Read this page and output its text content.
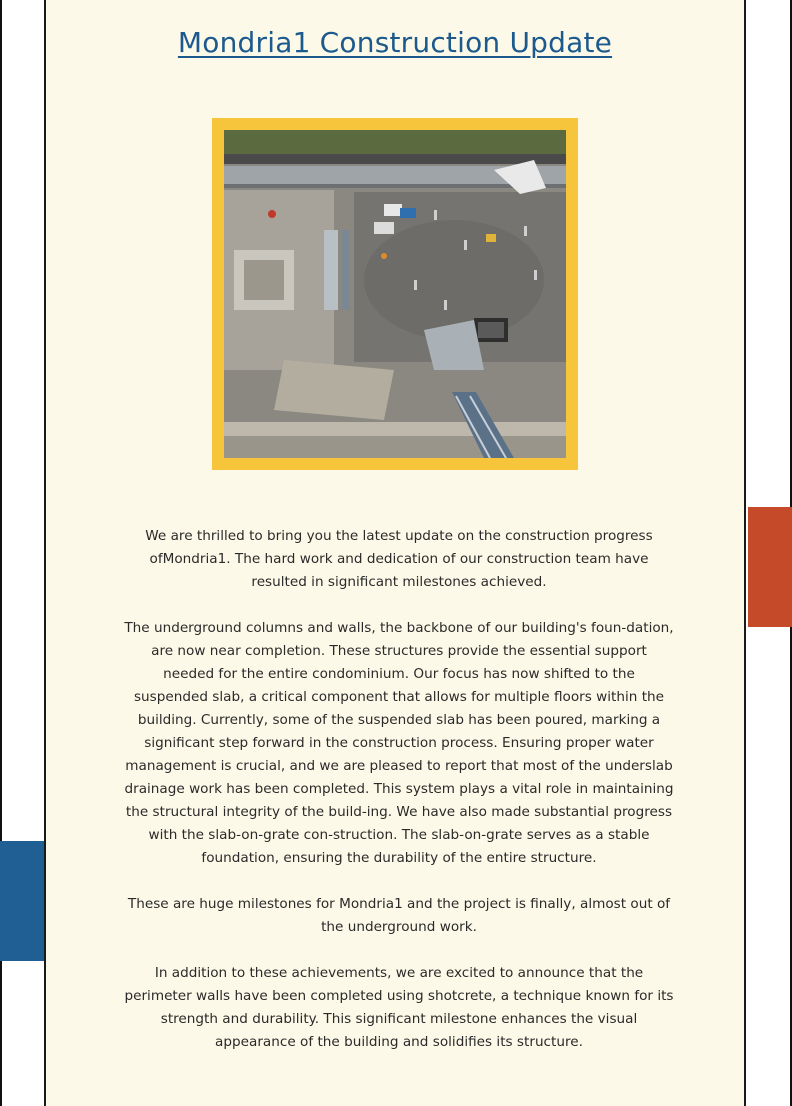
Mondria1 Construction Update

We are thrilled to bring you the latest update on the construction progress ofMondria1. The hard work and dedication of our construction team have resulted in significant milestones achieved.

The underground columns and walls, the backbone of our building's foun-dation, are now near completion. These structures provide the essential support needed for the entire condominium. Our focus has now shifted to the suspended slab, a critical component that allows for multiple floors within the building. Currently, some of the suspended slab has been poured, marking a significant step forward in the construction process. Ensuring proper water management is crucial, and we are pleased to report that most of the underslab drainage work has been completed. This system plays a vital role in maintaining the structural integrity of the build-ing. We have also made substantial progress with the slab-on-grate con-struction. The slab-on-grate serves as a stable foundation, ensuring the durability of the entire structure.

These are huge milestones for Mondria1 and the project is finally, almost out of the underground work.

In addition to these achievements, we are excited to announce that the perimeter walls have been completed using shotcrete, a technique known for its strength and durability. This significant milestone enhances the visual appearance of the building and solidifies its structure.
